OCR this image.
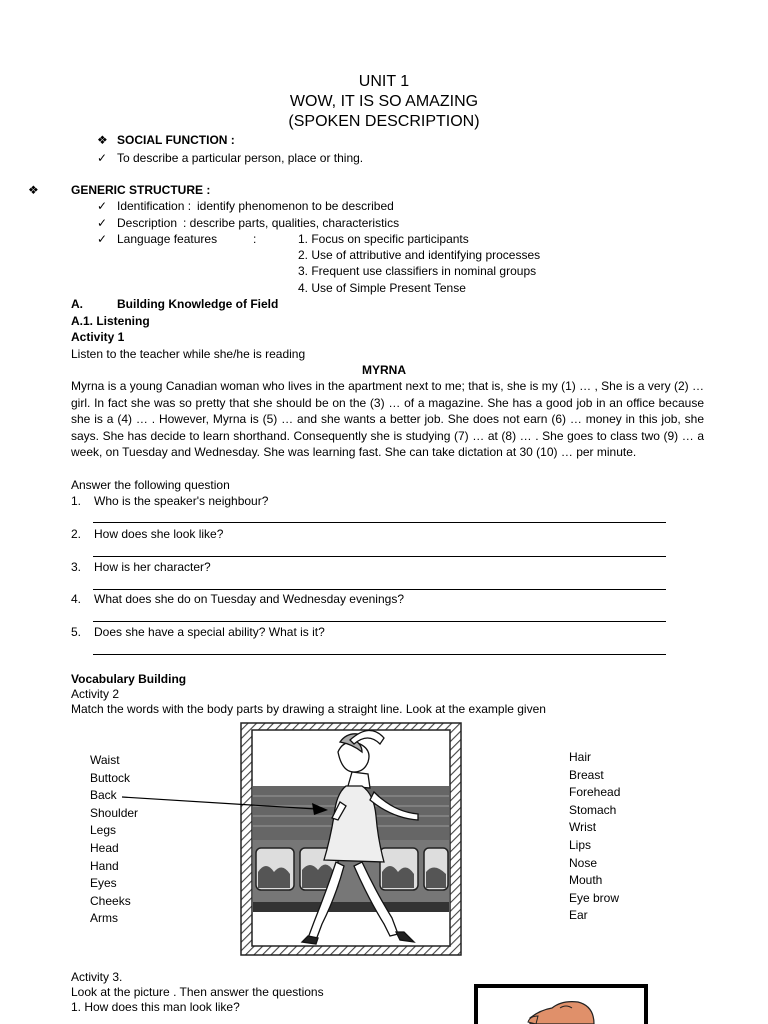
UNIT 1
WOW, IT IS SO AMAZING
(SPOKEN DESCRIPTION)
❖ SOCIAL FUNCTION :
✓ To describe a particular person, place or thing.
❖	GENERIC STRUCTURE :
✓ Identification : identify phenomenon to be described
✓ Description : describe parts, qualities, characteristics
✓ Language features	:	1. Focus on specific participants
2. Use of attributive and identifying processes
3. Frequent use classifiers in nominal groups
4. Use of Simple Present Tense
A.	Building Knowledge of Field
A.1. Listening
Activity 1
Listen to the teacher while she/he is reading
MYRNA
Myrna is a young Canadian woman who lives in the apartment next to me; that is, she is my (1) … , She is a very (2) … girl. In fact she was so pretty that she should be on the (3) … of a magazine. She has a good job in an office because she is a (4) … . However, Myrna is (5) … and she wants a better job. She does not earn (6) … money in this job, she says. She has decide to learn shorthand. Consequently she is studying (7) … at (8) … . She goes to class two (9) … a week, on Tuesday and Wednesday. She was learning fast. She can take dictation at 30 (10) … per minute.
Answer the following question
1. Who is the speaker's neighbour?
2. How does she look like?
3. How is her character?
4. What does she do on Tuesday and Wednesday evenings?
5. Does she have a special ability? What is it?
Vocabulary Building
Activity 2
Match the words with the body parts by drawing a straight line. Look at the example given
Waist
Buttock
Back
Shoulder
Legs
Head
Hand
Eyes
Cheeks
Arms
Hair
Breast
Forehead
Stomach
Wrist
Lips
Nose
Mouth
Eye brow
Ear
Activity 3.
Look at the picture . Then answer the questions
1. How does this man look like?
